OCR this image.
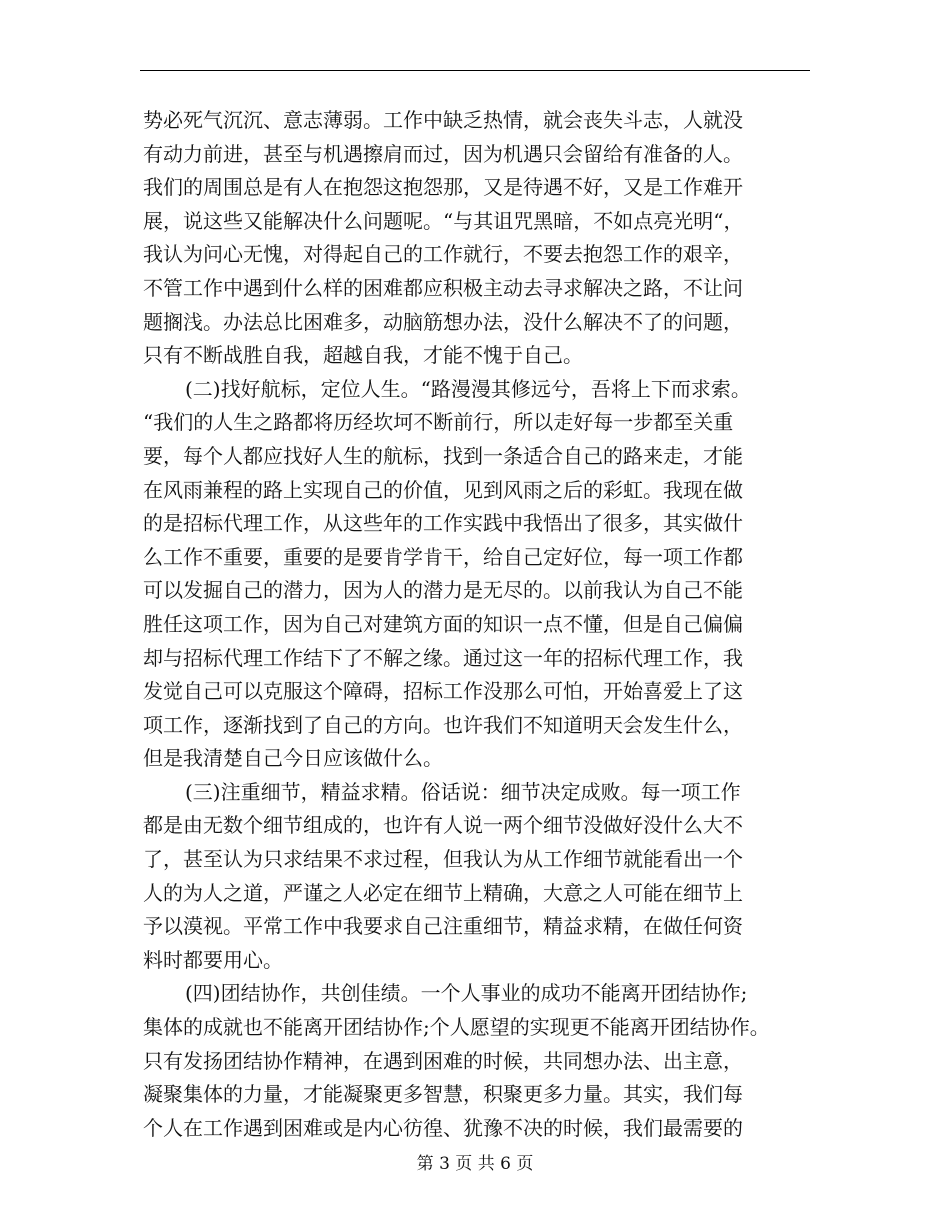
势必死气沉沉、意志薄弱。工作中缺乏热情，就会丧失斗志，人就没
有动力前进，甚至与机遇擦肩而过，因为机遇只会留给有准备的人。
我们的周围总是有人在抱怨这抱怨那，又是待遇不好，又是工作难开
展，说这些又能解决什么问题呢。“与其诅咒黑暗，不如点亮光明“，
我认为问心无愧，对得起自己的工作就行，不要去抱怨工作的艰辛，
不管工作中遇到什么样的困难都应积极主动去寻求解决之路，不让问
题搁浅。办法总比困难多，动脑筋想办法，没什么解决不了的问题，
只有不断战胜自我，超越自我，才能不愧于自己。
(二)找好航标，定位人生。“路漫漫其修远兮，吾将上下而求索。
“我们的人生之路都将历经坎坷不断前行，所以走好每一步都至关重
要，每个人都应找好人生的航标，找到一条适合自己的路来走，才能
在风雨兼程的路上实现自己的价值，见到风雨之后的彩虹。我现在做
的是招标代理工作，从这些年的工作实践中我悟出了很多，其实做什
么工作不重要，重要的是要肯学肯干，给自己定好位，每一项工作都
可以发掘自己的潜力，因为人的潜力是无尽的。以前我认为自己不能
胜任这项工作，因为自己对建筑方面的知识一点不懂，但是自己偏偏
却与招标代理工作结下了不解之缘。通过这一年的招标代理工作，我
发觉自己可以克服这个障碍，招标工作没那么可怕，开始喜爱上了这
项工作，逐渐找到了自己的方向。也许我们不知道明天会发生什么，
但是我清楚自己今日应该做什么。
(三)注重细节，精益求精。俗话说：细节决定成败。每一项工作
都是由无数个细节组成的，也许有人说一两个细节没做好没什么大不
了，甚至认为只求结果不求过程，但我认为从工作细节就能看出一个
人的为人之道，严谨之人必定在细节上精确，大意之人可能在细节上
予以漠视。平常工作中我要求自己注重细节，精益求精，在做任何资
料时都要用心。
(四)团结协作，共创佳绩。一个人事业的成功不能离开团结协作;
集体的成就也不能离开团结协作;个人愿望的实现更不能离开团结协作。
只有发扬团结协作精神，在遇到困难的时候，共同想办法、出主意，
凝聚集体的力量，才能凝聚更多智慧，积聚更多力量。其实，我们每
个人在工作遇到困难或是内心彷徨、犹豫不决的时候，我们最需要的
第 3 页 共 6 页
